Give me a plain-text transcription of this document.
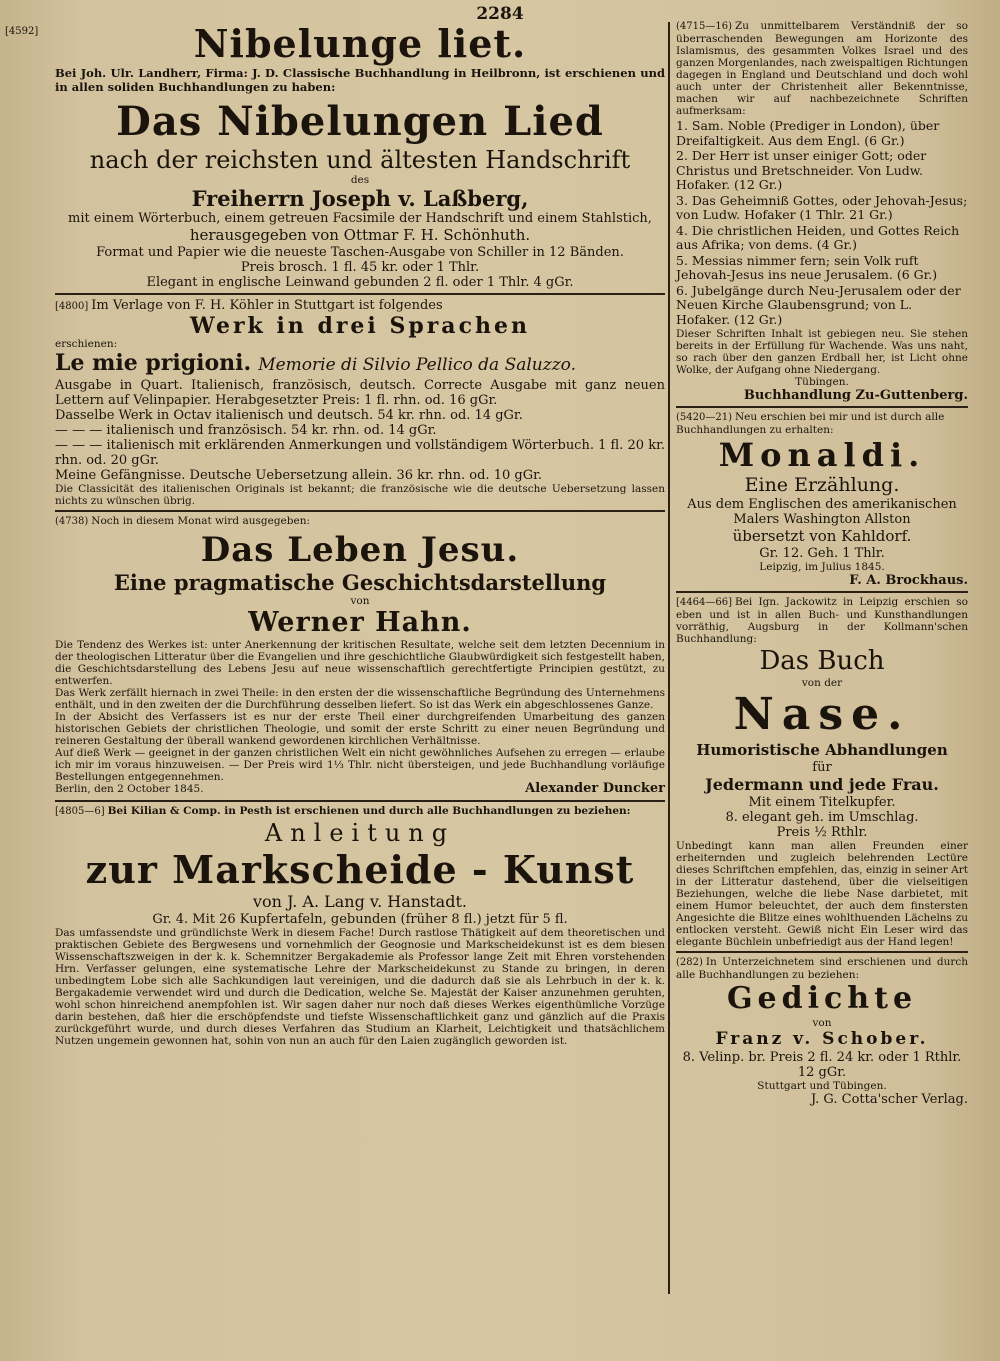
2284
[4592]	Nibelunge liet.

Bei Joh. Ulr. Landherr, Firma: J. D. Classische Buchhandlung in Heilbronn, ist erschienen und in allen soliden Buchhandlungen zu haben:

Das Nibelungen Lied
nach der reichsten und ältesten Handschrift
des
Freiherrn Joseph v. Laßberg,

mit einem Wörterbuch, einem getreuen Facsimile der Handschrift und einem Stahlstich,

herausgegeben von Ottmar F. H. Schönhuth.

Format und Papier wie die neueste Taschen-Ausgabe von Schiller in 12 Bänden.

Preis brosch. 1 fl. 45 kr. oder 1 Thlr.

Elegant in englische Leinwand gebunden 2 fl. oder 1 Thlr. 4 gGr.

[4800] Im Verlage von F. H. Köhler in Stuttgart ist folgendes

Werk in drei Sprachen

erschienen:

Le mie prigioni. Memorie di Silvio Pellico da Saluzzo.

Ausgabe in Quart. Italienisch, französisch, deutsch. Correcte Ausgabe mit ganz neuen Lettern auf Velinpapier. Herabgesetzter Preis: 1 fl. rhn. od. 16 gGr.

Dasselbe Werk in Octav italienisch und deutsch. 54 kr. rhn. od. 14 gGr.

— — — italienisch und französisch. 54 kr. rhn. od. 14 gGr.

— — — italienisch mit erklärenden Anmerkungen und vollständigem Wörterbuch. 1 fl. 20 kr. rhn. od. 20 gGr.

Meine Gefängnisse. Deutsche Uebersetzung allein. 36 kr. rhn. od. 10 gGr.

Die Classicität des italienischen Originals ist bekannt; die französische wie die deutsche Uebersetzung lassen nichts zu wünschen übrig.

(4738) Noch in diesem Monat wird ausgegeben:

Das Leben Jesu.
Eine pragmatische Geschichtsdarstellung
von
Werner Hahn.

Die Tendenz des Werkes ist: unter Anerkennung der kritischen Resultate, welche seit dem letzten Decennium in der theologischen Litteratur über die Evangelien und ihre geschichtliche Glaubwürdigkeit sich festgestellt haben, die Geschichtsdarstellung des Lebens Jesu auf neue wissenschaftlich gerechtfertigte Principien gestützt, zu entwerfen.

Das Werk zerfällt hiernach in zwei Theile: in den ersten der die wissenschaftliche Begründung des Unternehmens enthält, und in den zweiten der die Durchführung desselben liefert. So ist das Werk ein abgeschlossenes Ganze.

In der Absicht des Verfassers ist es nur der erste Theil einer durchgreifenden Umarbeitung des ganzen historischen Gebiets der christlichen Theologie, und somit der erste Schritt zu einer neuen Begründung und reineren Gestaltung der überall wankend gewordenen kirchlichen Verhältnisse.

Auf dieß Werk — geeignet in der ganzen christlichen Welt ein nicht gewöhnliches Aufsehen zu erregen — erlaube ich mir im voraus hinzuweisen. — Der Preis wird 1⅓ Thlr. nicht übersteigen, und jede Buchhandlung vorläufige Bestellungen entgegennehmen.

Berlin, den 2 October 1845.	Alexander Duncker

[4805—6] Bei Kilian & Comp. in Pesth ist erschienen und durch alle Buchhandlungen zu beziehen:

Anleitung
zur Markscheide - Kunst
von J. A. Lang v. Hanstadt.

Gr. 4. Mit 26 Kupfertafeln, gebunden (früher 8 fl.) jetzt für 5 fl.

Das umfassendste und gründlichste Werk in diesem Fache! Durch rastlose Thätigkeit auf dem theoretischen und praktischen Gebiete des Bergwesens und vornehmlich der Geognosie und Markscheidekunst ist es dem biesen Wissenschaftszweigen in der k. k. Schemnitzer Bergakademie als Professor lange Zeit mit Ehren vorstehenden Hrn. Verfasser gelungen, eine systematische Lehre der Markscheidekunst zu Stande zu bringen, in deren unbedingtem Lobe sich alle Sachkundigen laut vereinigen, und die dadurch daß sie als Lehrbuch in der k. k. Bergakademie verwendet wird und durch die Dedication, welche Se. Majestät der Kaiser anzunehmen geruhten, wohl schon hinreichend anempfohlen ist. Wir sagen daher nur noch daß dieses Werkes eigenthümliche Vorzüge darin bestehen, daß hier die erschöpfendste und tiefste Wissenschaftlichkeit ganz und gänzlich auf die Praxis zurückgeführt wurde, und durch dieses Verfahren das Studium an Klarheit, Leichtigkeit und thatsächlichem Nutzen ungemein gewonnen hat, sohin von nun an auch für den Laien zugänglich geworden ist.

(4715—16) Zu unmittelbarem Verständniß der so überraschenden Bewegungen am Horizonte des Islamismus, des gesammten Volkes Israel und des ganzen Morgenlandes, nach zweispaltigen Richtungen dagegen in England und Deutschland und doch wohl auch unter der Christenheit aller Bekenntnisse, machen wir auf nachbezeichnete Schriften aufmerksam:

1. Sam. Noble (Prediger in London), über Dreifaltigkeit. Aus dem Engl. (6 Gr.)
2. Der Herr ist unser einiger Gott; oder Christus und Bretschneider. Von Ludw. Hofaker. (12 Gr.)
3. Das Geheimniß Gottes, oder Jehovah-Jesus; von Ludw. Hofaker (1 Thlr. 21 Gr.)
4. Die christlichen Heiden, und Gottes Reich aus Afrika; von dems. (4 Gr.)
5. Messias nimmer fern; sein Volk ruft Jehovah-Jesus ins neue Jerusalem. (6 Gr.)
6. Jubelgänge durch Neu-Jerusalem oder der Neuen Kirche Glaubensgrund; von L. Hofaker. (12 Gr.)

Dieser Schriften Inhalt ist gebiegen neu. Sie stehen bereits in der Erfüllung für Wachende. Was uns naht, so rach über den ganzen Erdball her, ist Licht ohne Wolke, der Aufgang ohne Niedergang.

Tübingen.

Buchhandlung Zu-Guttenberg.

(5420—21) Neu erschien bei mir und ist durch alle Buchhandlungen zu erhalten:

Monaldi.
Eine Erzählung.

Aus dem Englischen des amerikanischen Malers Washington Allston

übersetzt von Kahldorf.

Gr. 12. Geh. 1 Thlr.

Leipzig, im Julius 1845.

F. A. Brockhaus.

[4464—66] Bei Ign. Jackowitz in Leipzig erschien so eben und ist in allen Buch- und Kunsthandlungen vorräthig, Augsburg in der Kollmann'schen Buchhandlung:

Das Buch
von der
Nase.
Humoristische Abhandlungen
für
Jedermann und jede Frau.

Mit einem Titelkupfer.

8. elegant geh. im Umschlag.

Preis ½ Rthlr.

Unbedingt kann man allen Freunden einer erheiternden und zugleich belehrenden Lectüre dieses Schriftchen empfehlen, das, einzig in seiner Art in der Litteratur dastehend, über die vielseitigen Beziehungen, welche die liebe Nase darbietet, mit einem Humor beleuchtet, der auch dem finstersten Angesichte die Blitze eines wohlthuenden Lächelns zu entlocken versteht. Gewiß nicht Ein Leser wird das elegante Büchlein unbefriedigt aus der Hand legen!

(282) In Unterzeichnetem sind erschienen und durch alle Buchhandlungen zu beziehen:

Gedichte
von
Franz v. Schober.

8. Velinp. br. Preis 2 fl. 24 kr. oder 1 Rthlr. 12 gGr.

Stuttgart und Tübingen.

J. G. Cotta'scher Verlag.
